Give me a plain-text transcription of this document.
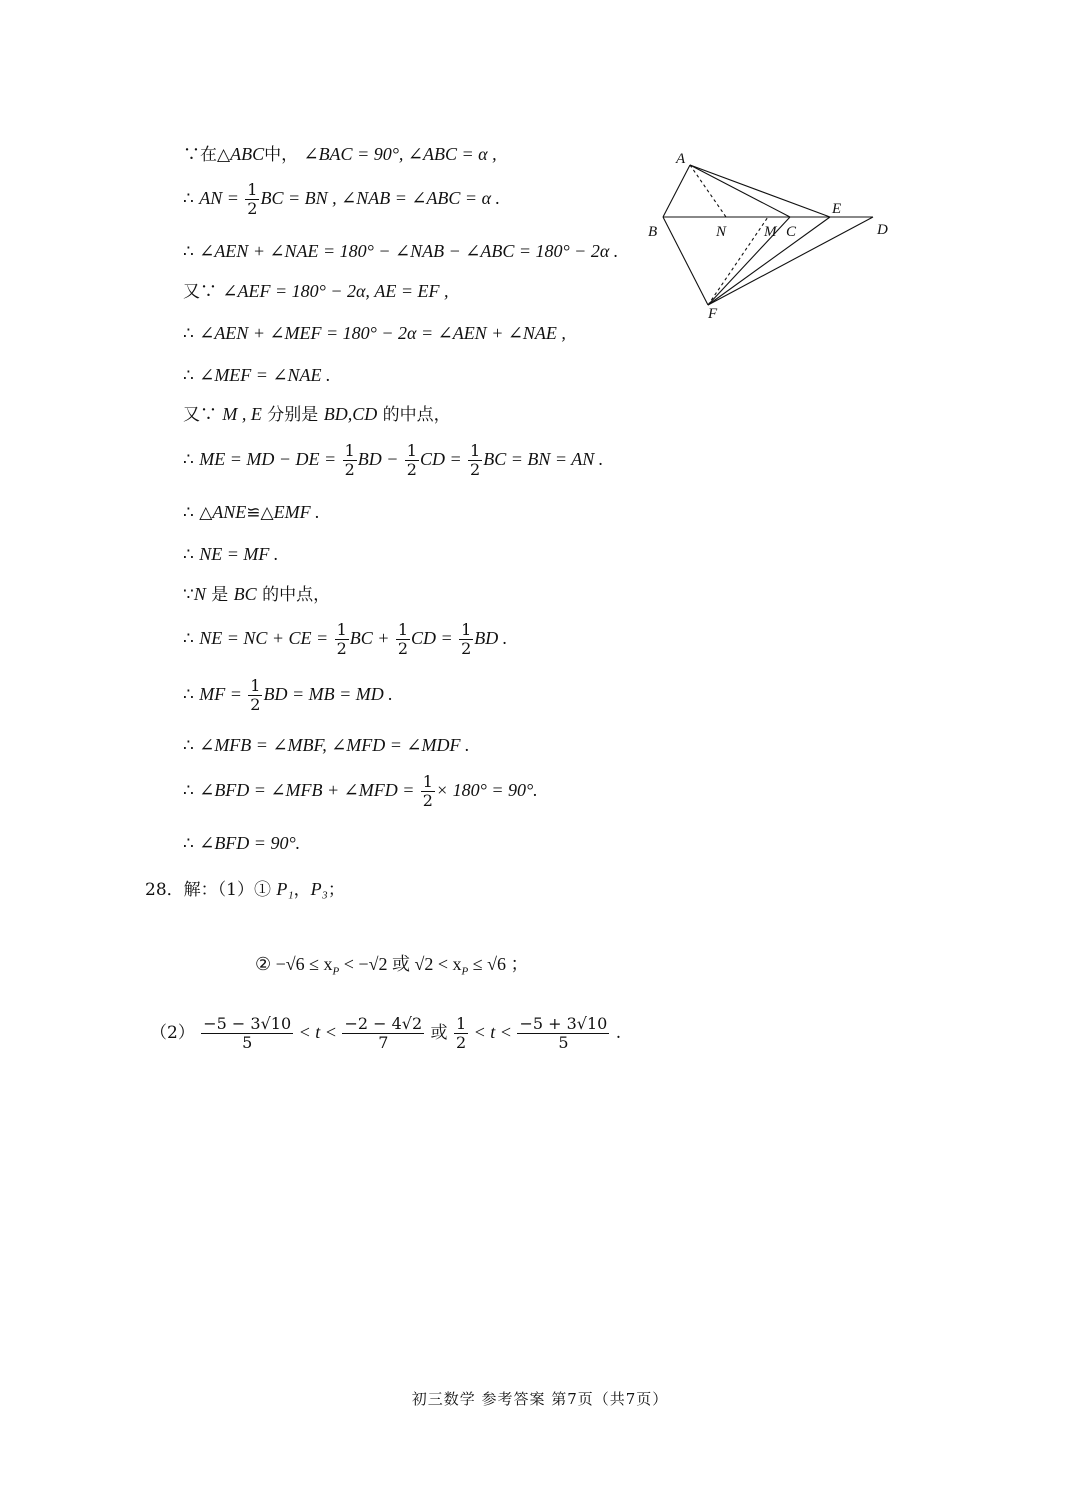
A
B	N	M C
E
D
F
∵在△ABC中， ∠BAC = 90°, ∠ABC = α ,
∴ AN = $\frac{1}{2}$ BC = BN , ∠NAB = ∠ABC = α .
∴ ∠AEN + ∠NAE = 180° − ∠NAB − ∠ABC = 180° − 2α .
又∵ ∠AEF = 180° − 2α, AE = EF ,
∴ ∠AEN + ∠MEF = 180° − 2α = ∠AEN + ∠NAE ,
∴ ∠MEF = ∠NAE .
又∵ M , E 分别是 BD,CD 的中点，
∴ ME = MD − DE = $\frac{1}{2}$ BD − $\frac{1}{2}$ CD = $\frac{1}{2}$ BC = BN = AN .
∴ △ANE≌△EMF .
∴ NE = MF .
∵N 是 BC 的中点，
∴ NE = NC + CE = $\frac{1}{2}$ BC + $\frac{1}{2}$ CD = $\frac{1}{2}$ BD .
∴ MF = $\frac{1}{2}$ BD = MB = MD .
∴ ∠MFB = ∠MBF, ∠MFD = ∠MDF .
∴ ∠BFD = ∠MFB + ∠MFD = $\frac{1}{2} \times 180^\circ = 90^\circ$.
∴ ∠BFD = 90°.
28．解：（1）① P₁，P₃；
② $-√6 \le x_P < -√2$ 或 $√2 < x_P \le √6$ ；
$(2) \frac{-5 - 3√10}{5} < t < \frac{-2 - 4√2}{7}$ 或 $\frac{1}{2} < t < \frac{-5 + 3√10}{5}$ .
初三数学 参考答案 第7页（共7页）
